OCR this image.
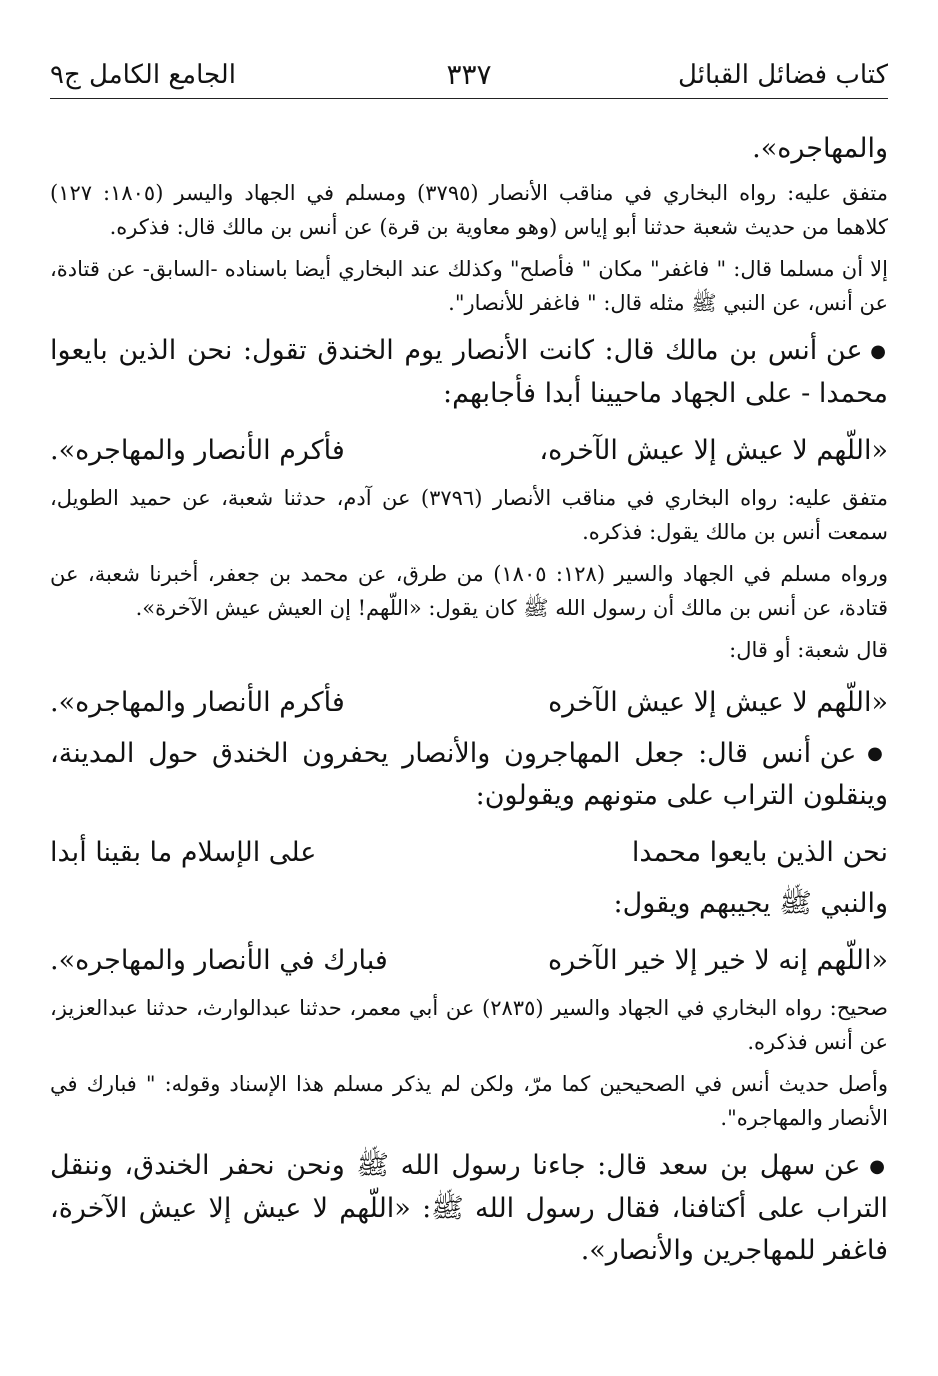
كتاب فضائل القبائل
٣٣٧
الجامع الكامل ج٩

والمهاجره».

متفق عليه: رواه البخاري في مناقب الأنصار (٣٧٩٥) ومسلم في الجهاد واليسر (١٨٠٥: ١٢٧) كلاهما من حديث شعبة حدثنا أبو إياس (وهو معاوية بن قرة) عن أنس بن مالك قال: فذكره.

إلا أن مسلما قال: " فاغفر" مكان " فأصلح" وكذلك عند البخاري أيضا باسناده -السابق- عن قتادة، عن أنس، عن النبي ﷺ مثله قال: " فاغفر للأنصار".

● عن أنس بن مالك قال: كانت الأنصار يوم الخندق تقول: نحن الذين بايعوا محمدا - على الجهاد ماحيينا أبدا فأجابهم:

«اللّهم لا عيش إلا عيش الآخره،
فأكرم الأنصار والمهاجره».

متفق عليه: رواه البخاري في مناقب الأنصار (٣٧٩٦) عن آدم، حدثنا شعبة، عن حميد الطويل، سمعت أنس بن مالك يقول: فذكره.

ورواه مسلم في الجهاد والسير (١٢٨: ١٨٠٥) من طرق، عن محمد بن جعفر، أخبرنا شعبة، عن قتادة، عن أنس بن مالك أن رسول الله ﷺ كان يقول: «اللّهم! إن العيش عيش الآخرة».

قال شعبة: أو قال:

«اللّهم لا عيش إلا عيش الآخره
فأكرم الأنصار والمهاجره».

● عن أنس قال: جعل المهاجرون والأنصار يحفرون الخندق حول المدينة، وينقلون التراب على متونهم ويقولون:

نحن الذين بايعوا محمدا
على الإسلام ما بقينا أبدا

والنبي ﷺ يجيبهم ويقول:

«اللّهم إنه لا خير إلا خير الآخره
فبارك في الأنصار والمهاجره».

صحيح: رواه البخاري في الجهاد والسير (٢٨٣٥) عن أبي معمر، حدثنا عبدالوارث، حدثنا عبدالعزيز، عن أنس فذكره.

وأصل حديث أنس في الصحيحين كما مرّ، ولكن لم يذكر مسلم هذا الإسناد وقوله: " فبارك في الأنصار والمهاجره".

● عن سهل بن سعد قال: جاءنا رسول الله ﷺ ونحن نحفر الخندق، وننقل التراب على أكتافنا، فقال رسول الله ﷺ: «اللّهم لا عيش إلا عيش الآخرة، فاغفر للمهاجرين والأنصار».
